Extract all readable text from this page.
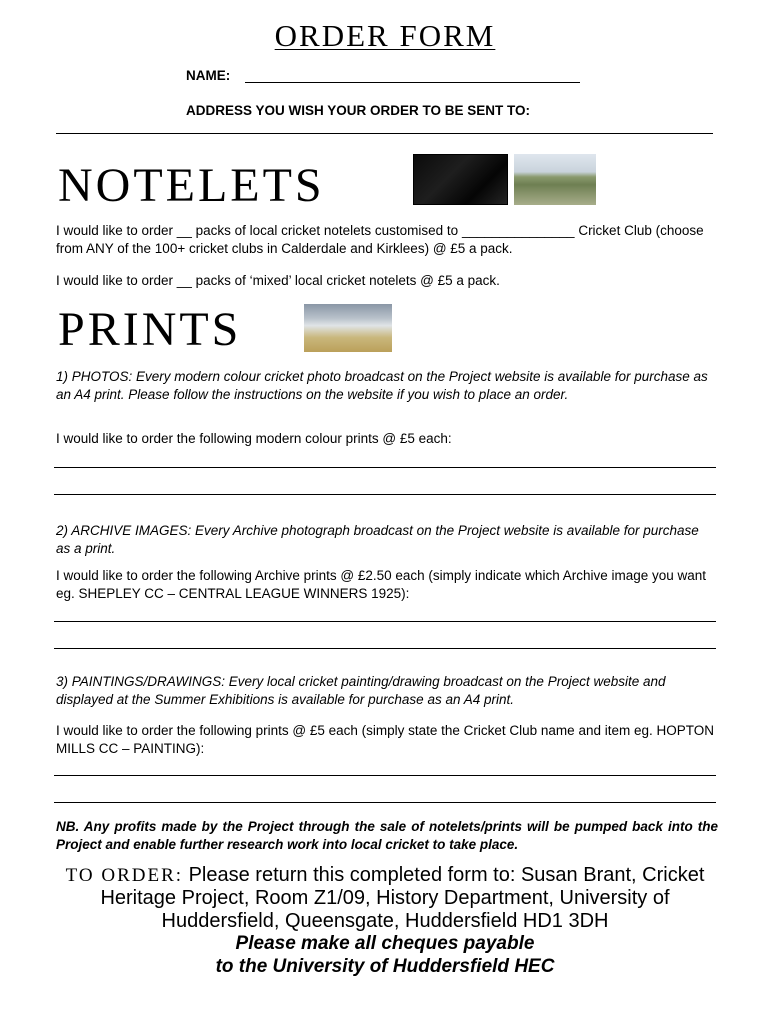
ORDER FORM
NAME:
ADDRESS YOU WISH YOUR ORDER TO BE SENT TO:
NOTELETS
I would like to order __ packs of local cricket notelets customised to _______________ Cricket Club (choose from ANY of the 100+ cricket clubs in Calderdale and Kirklees) @ £5 a pack.
I would like to order __ packs of ‘mixed’ local cricket notelets @ £5 a pack.
PRINTS
1) PHOTOS: Every modern colour cricket photo broadcast on the Project website is available for purchase as an A4 print. Please follow the instructions on the website if you wish to place an order.
I would like to order the following modern colour prints @ £5 each:
2) ARCHIVE IMAGES: Every Archive photograph broadcast on the Project website is available for purchase as a print.
I would like to order the following Archive prints @ £2.50 each (simply indicate which Archive image you want eg. SHEPLEY CC – CENTRAL LEAGUE WINNERS 1925):
3) PAINTINGS/DRAWINGS: Every local cricket painting/drawing broadcast on the Project website and displayed at the Summer Exhibitions is available for purchase as an A4 print.
I would like to order the following prints @ £5 each (simply state the Cricket Club name and item eg. HOPTON MILLS CC – PAINTING):
NB. Any profits made by the Project through the sale of notelets/prints will be pumped back into the Project and enable further research work into local cricket to take place.
TO ORDER: Please return this completed form to: Susan Brant, Cricket Heritage Project, Room Z1/09, History Department, University of Huddersfield, Queensgate, Huddersfield HD1 3DH
Please make all cheques payable
to the University of Huddersfield HEC
